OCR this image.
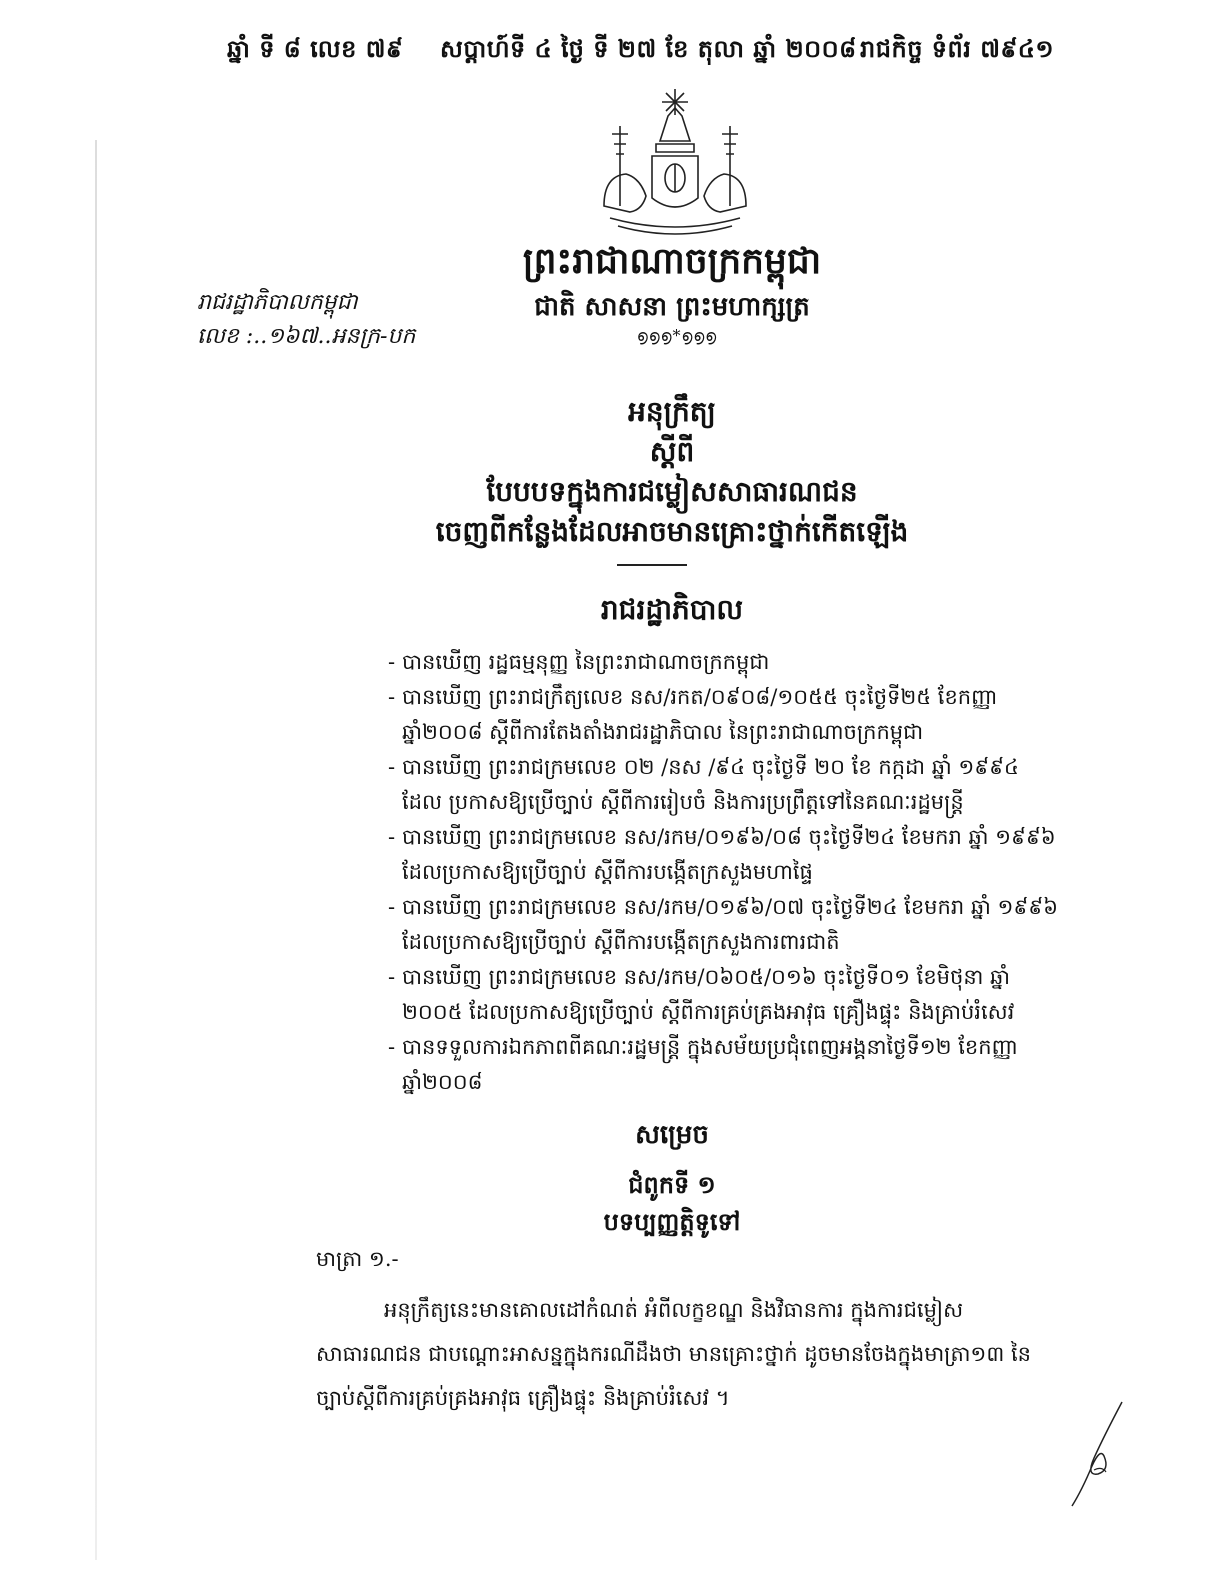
ឆ្នាំ ទី ៨ លេខ ៧៩ សប្តាហ៍ទី ៤ ថ្ងៃ ទី ២៧ ខែ តុលា ឆ្នាំ ២០០៨ រាជកិច្ច ទំព័រ ៧៩៤១
ព្រះរាជាណាចក្រកម្ពុជា
ជាតិ សាសនា ព្រះមហាក្សត្រ
൭൭൭*൭൭൭
រាជរដ្ឋាភិបាលកម្ពុជា
លេខ :..១៦៧..អនក្រ-បក
អនុក្រឹត្យ
ស្តីពី
បែបបទក្នុងការជម្លៀសសាធារណជន
ចេញពីកន្លែងដែលអាចមានគ្រោះថ្នាក់កើតឡើង
រាជរដ្ឋាភិបាល
- បានឃើញ រដ្ឋធម្មនុញ្ញ នៃព្រះរាជាណាចក្រកម្ពុជា
- បានឃើញ ព្រះរាជក្រឹត្យលេខ នស/រកត/០៩០៨/១០៥៥ ចុះថ្ងៃទី២៥ ខែកញ្ញា ឆ្នាំ២០០៨ ស្តីពីការតែងតាំងរាជរដ្ឋាភិបាល នៃព្រះរាជាណាចក្រកម្ពុជា
- បានឃើញ ព្រះរាជក្រមលេខ ០២ /នស /៩៤ ចុះថ្ងៃទី ២០ ខែ កក្កដា ឆ្នាំ ១៩៩៤ ដែល ប្រកាសឱ្យប្រើច្បាប់ ស្តីពីការរៀបចំ និងការប្រព្រឹត្តទៅនៃគណៈរដ្ឋមន្ត្រី
- បានឃើញ ព្រះរាជក្រមលេខ នស/រកម/០១៩៦/០៨ ចុះថ្ងៃទី២៤ ខែមករា ឆ្នាំ ១៩៩៦ ដែលប្រកាសឱ្យប្រើច្បាប់ ស្តីពីការបង្កើតក្រសួងមហាផ្ទៃ
- បានឃើញ ព្រះរាជក្រមលេខ នស/រកម/០១៩៦/០៧ ចុះថ្ងៃទី២៤ ខែមករា ឆ្នាំ ១៩៩៦ ដែលប្រកាសឱ្យប្រើច្បាប់ ស្តីពីការបង្កើតក្រសួងការពារជាតិ
- បានឃើញ ព្រះរាជក្រមលេខ នស/រកម/០៦០៥/០១៦ ចុះថ្ងៃទី០១ ខែមិថុនា ឆ្នាំ ២០០៥ ដែលប្រកាសឱ្យប្រើច្បាប់ ស្តីពីការគ្រប់គ្រងអាវុធ គ្រឿងផ្ទុះ និងគ្រាប់រំសេវ
- បានទទួលការឯកភាពពីគណៈរដ្ឋមន្ត្រី ក្នុងសម័យប្រជុំពេញអង្គនាថ្ងៃទី១២ ខែកញ្ញា ឆ្នាំ២០០៨
សម្រេច
ជំពូកទី ១
បទប្បញ្ញត្តិទូទៅ
មាត្រា ១.-
អនុក្រឹត្យនេះមានគោលដៅកំណត់ អំពីលក្ខខណ្ឌ និងវិធានការ ក្នុងការជម្លៀសសាធារណជន ជាបណ្តោះអាសន្នក្នុងករណីដឹងថា មានគ្រោះថ្នាក់ ដូចមានចែងក្នុងមាត្រា១៣ នៃច្បាប់ស្តីពីការគ្រប់គ្រងអាវុធ គ្រឿងផ្ទុះ និងគ្រាប់រំសេវ ។
